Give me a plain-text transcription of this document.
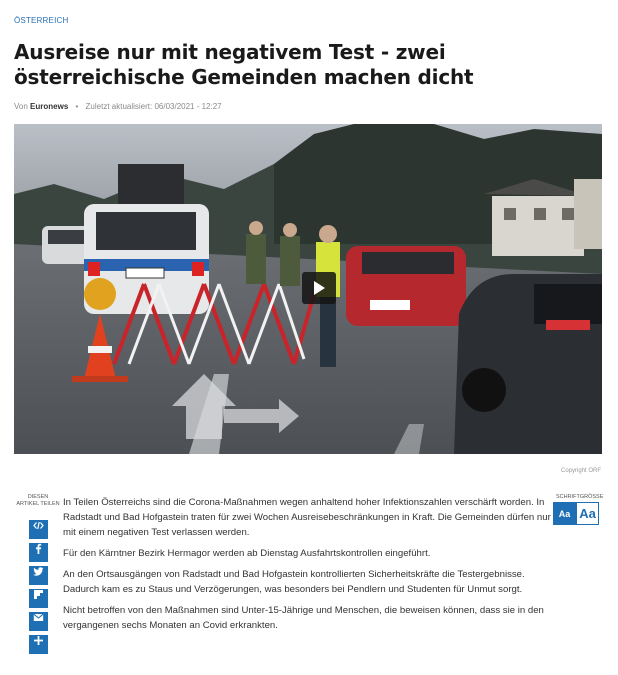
ÖSTERREICH
Ausreise nur mit negativem Test - zwei österreichische Gemeinden machen dicht
Von Euronews • Zuletzt aktualisiert: 06/03/2021 - 12:27
Copyright ORF
DIESEN ARTIKEL TEILEN
SCHRIFTGRÖSSE
Aa Aa

In Teilen Österreichs sind die Corona-Maßnahmen wegen anhaltend hoher Infektionszahlen verschärft worden. In Radstadt und Bad Hofgastein traten für zwei Wochen Ausreisebeschränkungen in Kraft. Die Gemeinden dürfen nur mit einem negativen Test verlassen werden.

Für den Kärntner Bezirk Hermagor werden ab Dienstag Ausfahrtskontrollen eingeführt.

An den Ortsausgängen von Radstadt und Bad Hofgastein kontrollierten Sicherheitskräfte die Testergebnisse. Dadurch kam es zu Staus und Verzögerungen, was besonders bei Pendlern und Studenten für Unmut sorgt.

Nicht betroffen von den Maßnahmen sind Unter-15-Jährige und Menschen, die beweisen können, dass sie in den vergangenen sechs Monaten an Covid erkrankten.
